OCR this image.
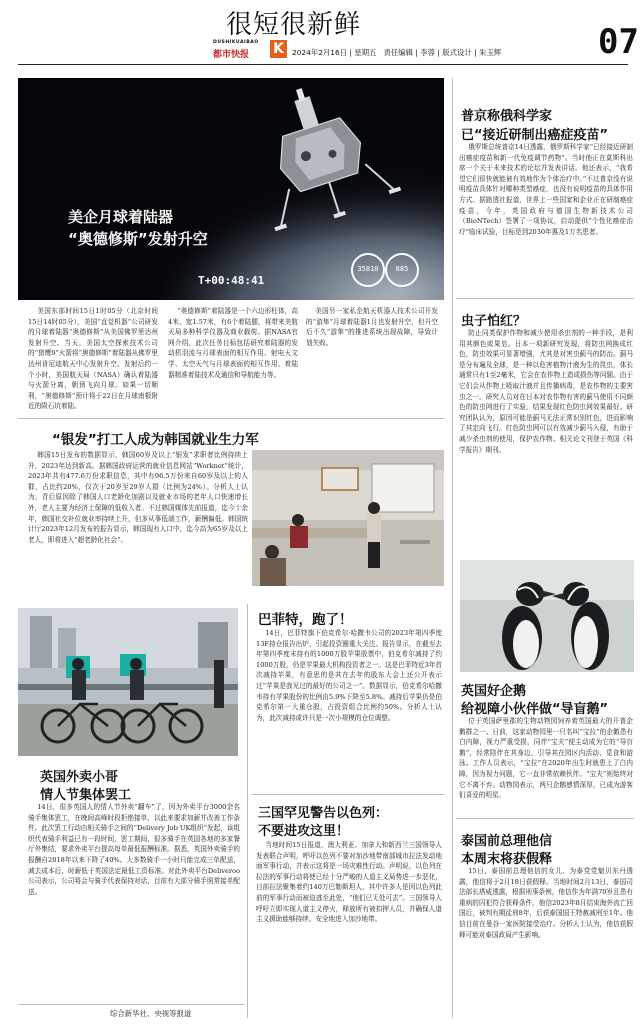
很短很新鲜
DUSHIKUAIBAO
都市快报 K	2024年2月16日 | 星期五   责任编辑 | 李蓉 | 版式设计 | 朱玉辉	07
美企月球着陆器
“奥德修斯”发射升空
T+00:48:41
35810	885
美国东部时间15日1时05分（北京时间15日14时05分），美国“直觉机器”公司研发的月球着陆器“奥德修斯”从美国佛罗里达州发射升空。当天，美国太空探索技术公司的“猎鹰9”火箭将“奥德修斯”着陆器从佛罗里达州肯尼迪航天中心发射升空。发射后约一个小时，美国航天局（NASA）确认着陆器与火箭分离，朝预飞向月球。如果一切顺利，“奥德修斯”预计将于22日在月球南极附近的陨石坑着陆。
“奥德修斯”着陆器是一个六边形柱体，高4米，宽1.57米，有6个着陆腿，将带来美航天局多种科学仪器及商业载荷。据NASA官网介绍，此次任务目标包括研究着陆器的发动机羽流与月球表面的相互作用、射电天文学、太空天气与月球表面的相互作用、着陆器精准着陆技术及通信和导航能力等。
美国另一家私企航天机器人技术公司开发的“游隼”月球着陆器1月也发射升空，但升空后不久“游隼”的推进系统出现故障，导致计划失败。
“银发”打工人成为韩国就业生力军
韩国15日发布的数据显示，韩国60岁及以上“银发”求职者比例持续上升，2023年达到新高。据韩国政府运营的就业信息网站“Worknet”统计，2023年共有477.6万份求职信息，其中有96.5万份来自60岁及以上的人群，占比约20%，仅次于20岁至29岁人群（比例为24%）。分析人士认为，背后原因除了韩国人口老龄化加剧以及就业市场的老年人口快速增长外，老人主要为经济上保障的低收入者。不过韩国媒体先前报道，迄今十余年，韩国社交补位就业率持续上升，但多从事低端工作，薪酬偏低。韩国统计厅2023年12月发布的报告显示，韩国现有人口中，迄今高为65岁及以上老人，即将进入“超老龄化社会”。
普京称俄科学家
已“接近研制出癌症疫苗”
俄罗斯总统普京14日透露，俄罗斯科学家“已经接近研制出癌症疫苗和新一代免疫调节药物”。当时他正在莫斯科出席一个关于未来技术的论坛并发表讲话。他还表示，“我希望它们很快就能被有效地作为个体治疗中。”不过普京没有说明疫苗具体针对哪种类型癌症，也没有说明疫苗的具体作用方式。据路透社报道，世界上一些国家和企业正在研制癌症疫苗，今年，英国政府与德国生物新技术公司（BioNTech）签署了一项协议，启动提供“个性化癌症治疗”临床试验，目标是到2030年惠及1万名患者。
虫子怕红？
防止同类保护作物和减少使用杀虫剂的一种手段，是利用其颜色或果皂。日本一项新研究发现，将防虫网换成红色，防虫效果可显著增强，尤其是对害虫蓟马的防治。蓟马是分布遍及全球，是一种以危害植物汁液为生的昆虫，体长通常只有1至2毫米，它会在农作物上造成损伤等问题。由于它们会从作物上吸取汁液并且传播病毒，是农作物的主要害虫之一。研究人员对在日本对农作物有害的蓟马使用不同颜色的防虫网进行了实验，结果发现红色防虫网效果最好。研究团队认为，原因可能是蓟马无法正常识别红色，进而影响了其定向飞行。红色防虫网可以有效减少蓟马入侵，有助于减少杀虫剂的使用，保护农作物。相关论文刊登于英国《科学报告》期刊。
英国好企鹅
给视障小伙伴做“导盲鹅”
位于英国萨里郡的生物动物园饲养着英国最大的开普企鹅群之一。日前，这家动物园里一只名叫“宝拉”的企鹅患有白内障，视力严重受损，同伴“宝夫”便主动成为它的“导盲鹅”，经常陪伴在其身边，引导其在园区内活动、觅食和游泳。工作人员表示，“宝拉”在2020年出生时就患上了白内障，因为视力问题，它一直非常依赖伙伴。“宝夫”则始终对它不离不弃。动物园表示，两只企鹅感情深厚，已成为游客们喜爱的明星。
泰国前总理他信
本周末将获假释
15日，泰国前总理他信的女儿、为泰党党魁贝东丹透露，他信将于2月18日获假释。当地时间2月13日，泰国司法部长塔威透露，根据刑事条例，他信作为年满70岁且患有重病的囚犯符合获释条件。他信2023年8月结束海外流亡回国后，被判有期徒刑8年，后获泰国国王特赦减刑至1年。他信目前在曼谷一家医院接受治疗。分析人士认为，他信获假释可能对泰国政局产生影响。
英国外卖小哥
情人节集体罢工
14日，很多英国人的情人节外卖“翻车”了，因为外卖平台3000余名骑手集体罢工，在晚间高峰时段拒绝接单，以此来要求加薪并改善工作条件。此次罢工行动由相关骑手之间的“Delivery Job UK组织”发起，该组织代表骑手利益已有一段时间，罢工期间，很多骑手在英国各地的多家餐厅外集结，要求外卖平台提高每单最低报酬标准。据悉，英国外卖骑手的报酬自2018年以来下降了40%。大多数骑手一小时只能完成三单配送，减去成本后，时薪低于英国法定最低工资标准。对此外卖平台Deliveroo公司表示，公司将会与骑手代表保持对话，目前有大部分骑手照常接单配送。
综合新华社、央视等报道
巴菲特，跑了！
14日，巴菲特旗下伯克希尔·哈撒韦公司的2023年第四季度13F持仓报告出炉，引起投资圈重大关注。报告显示，在截至去年第四季度末持有的1000万股苹果股票中，伯克希尔减持了约1000万股，仍是苹果最大机构投资者之一。这是巴菲特近3年首次减持苹果，有意思的是其在去年的股东大会上还公开表示过“苹果是我见过的最好的公司之一”。数据显示，伯克希尔哈撒韦持有苹果股份的比例由5.9%下降至5.8%。减持后苹果仍是伯克希尔第一大重仓股，占投资组合比例约50%。分析人士认为，此次减持或许只是一次小规模的仓位调整。
三国罕见警告以色列：
不要进攻这里！
当地时间15日报道，澳大利亚、加拿大和新西兰三国领导人发表联合声明，呼吁以色列不要对加沙地带南部城市拉法发动地面军事行动，并表示这将是一场灾难性行动。声明说，以色列在拉法的军事行动将使已经十分严峻的人道主义局势进一步恶化，目前拉法聚集着约140万巴勒斯坦人，其中许多人是因以色列此前的军事行动而被迫逃至此处，“他们已无处可去”。三国领导人呼吁立即实现人道主义停火，释放所有被扣押人员，并确保人道主义援助能够持续、安全地进入加沙地带。
